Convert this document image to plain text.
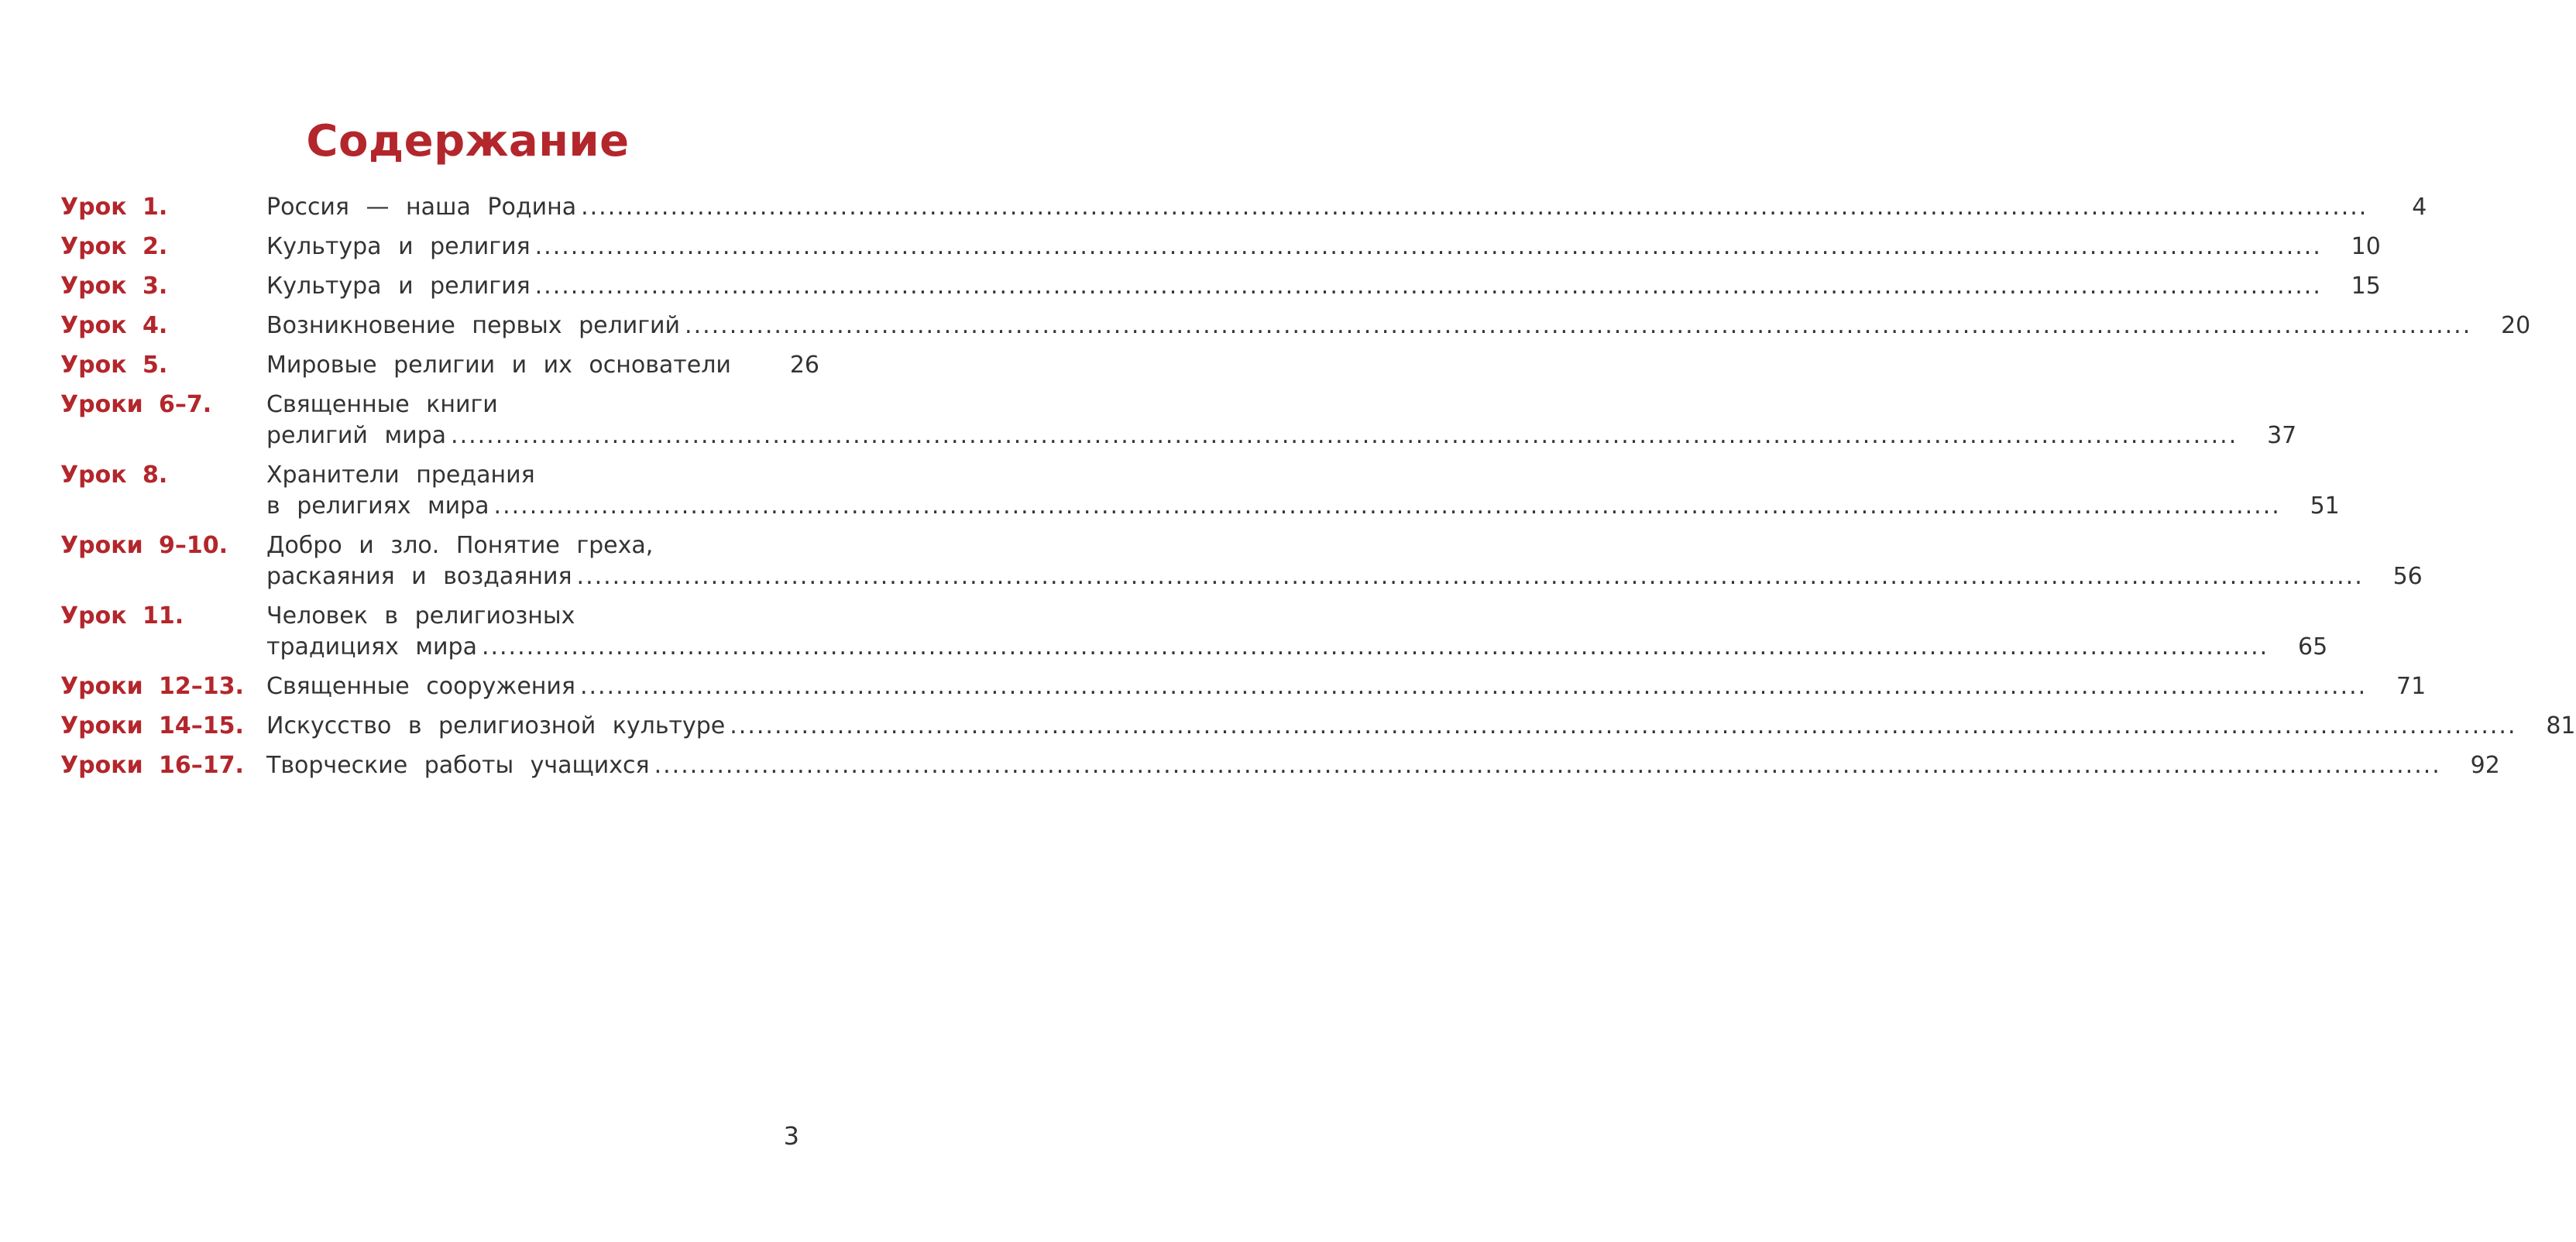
Содержание
Урок 1.	Россия — наша Родина ........................................................................................................................................................................................................	4
Урок 2.	Культура и религия ........................................................................................................................................................................................................	10
Урок 3.	Культура и религия ........................................................................................................................................................................................................	15
Урок 4.	Возникновение первых религий ........................................................................................................................................................................................................	20
Урок 5.	Мировые религии и их основатели	26
Уроки 6–7.	Священные книги
религий мира ........................................................................................................................................................................................................	37
Урок 8.	Хранители предания
в религиях мира ........................................................................................................................................................................................................	51
Уроки 9–10.	Добро и зло. Понятие греха,
раскаяния и воздаяния ........................................................................................................................................................................................................	56
Урок 11.	Человек в религиозных
традициях мира ........................................................................................................................................................................................................	65
Уроки 12–13. Священные сооружения ........................................................................................................................................................................................................	71
Уроки 14–15. Искусство в религиозной культуре ........................................................................................................................................................................................................	81
Уроки 16–17. Творческие работы учащихся ........................................................................................................................................................................................................	92
3
